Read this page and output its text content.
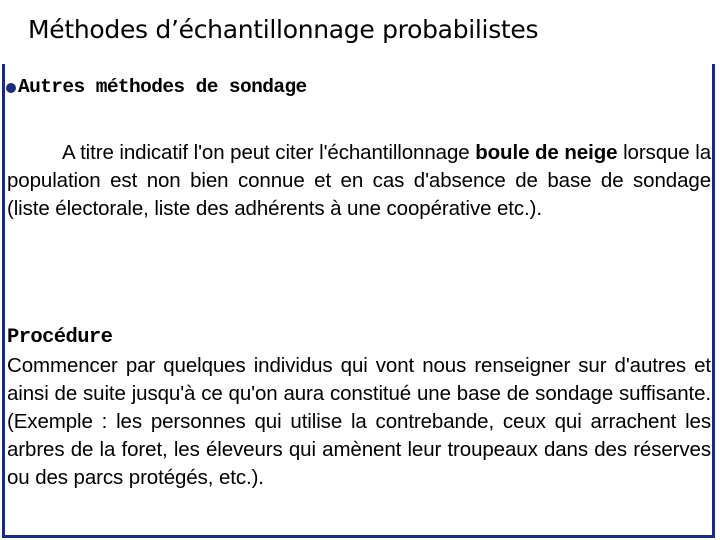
Méthodes d’échantillonnage probabilistes
Autres méthodes de sondage
A titre indicatif l'on peut citer l'échantillonnage boule de neige lorsque la population est non bien connue et en cas d'absence de base de sondage (liste électorale, liste des adhérents à une coopérative etc.).
Procédure
Commencer par quelques individus qui vont nous renseigner sur d'autres et ainsi de suite jusqu'à ce qu'on aura constitué une base de sondage suffisante. (Exemple : les personnes qui utilise la contrebande, ceux qui arrachent les arbres de la foret, les éleveurs qui amènent leur troupeaux dans des réserves ou des parcs protégés, etc.).
